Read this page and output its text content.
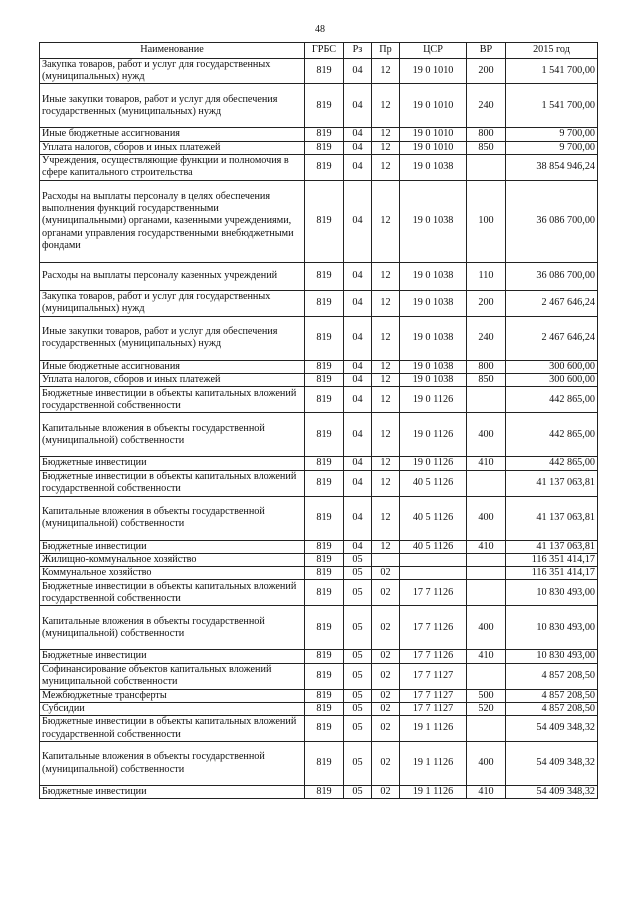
48
Наименование	ГРБС	Рз	Пр	ЦСР	ВР	2015 год
Закупка товаров, работ и услуг для государственных (муниципальных) нужд	819	04	12	19 0 1010	200	1 541 700,00
Иные закупки товаров, работ и услуг для обеспечения государственных (муниципальных) нужд	819	04	12	19 0 1010	240	1 541 700,00
Иные бюджетные ассигнования	819	04	12	19 0 1010	800	9 700,00
Уплата налогов, сборов и иных платежей	819	04	12	19 0 1010	850	9 700,00
Учреждения, осуществляющие функции и полномочия в сфере капитального строительства	819	04	12	19 0 1038		38 854 946,24
Расходы на выплаты персоналу в целях обеспечения выполнения функций государственными (муниципальными) органами, казенными учреждениями, органами управления государственными внебюджетными фондами	819	04	12	19 0 1038	100	36 086 700,00
Расходы на выплаты персоналу казенных учреждений	819	04	12	19 0 1038	110	36 086 700,00
Закупка товаров, работ и услуг для государственных (муниципальных) нужд	819	04	12	19 0 1038	200	2 467 646,24
Иные закупки товаров, работ и услуг для обеспечения государственных (муниципальных) нужд	819	04	12	19 0 1038	240	2 467 646,24
Иные бюджетные ассигнования	819	04	12	19 0 1038	800	300 600,00
Уплата налогов, сборов и иных платежей	819	04	12	19 0 1038	850	300 600,00
Бюджетные инвестиции в объекты капитальных вложений государственной собственности	819	04	12	19 0 1126		442 865,00
Капитальные вложения в объекты государственной (муниципальной) собственности	819	04	12	19 0 1126	400	442 865,00
Бюджетные инвестиции	819	04	12	19 0 1126	410	442 865,00
Бюджетные инвестиции в объекты капитальных вложений государственной собственности	819	04	12	40 5 1126		41 137 063,81
Капитальные вложения в объекты государственной (муниципальной) собственности	819	04	12	40 5 1126	400	41 137 063,81
Бюджетные инвестиции	819	04	12	40 5 1126	410	41 137 063,81
Жилищно-коммунальное хозяйство	819	05				116 351 414,17
Коммунальное хозяйство	819	05	02			116 351 414,17
Бюджетные инвестиции в объекты капитальных вложений государственной собственности	819	05	02	17 7 1126		10 830 493,00
Капитальные вложения в объекты государственной (муниципальной) собственности	819	05	02	17 7 1126	400	10 830 493,00
Бюджетные инвестиции	819	05	02	17 7 1126	410	10 830 493,00
Софинансирование объектов капитальных вложений муниципальной собственности	819	05	02	17 7 1127		4 857 208,50
Межбюджетные трансферты	819	05	02	17 7 1127	500	4 857 208,50
Субсидии	819	05	02	17 7 1127	520	4 857 208,50
Бюджетные инвестиции в объекты капитальных вложений государственной собственности	819	05	02	19 1 1126		54 409 348,32
Капитальные вложения в объекты государственной (муниципальной) собственности	819	05	02	19 1 1126	400	54 409 348,32
Бюджетные инвестиции	819	05	02	19 1 1126	410	54 409 348,32
